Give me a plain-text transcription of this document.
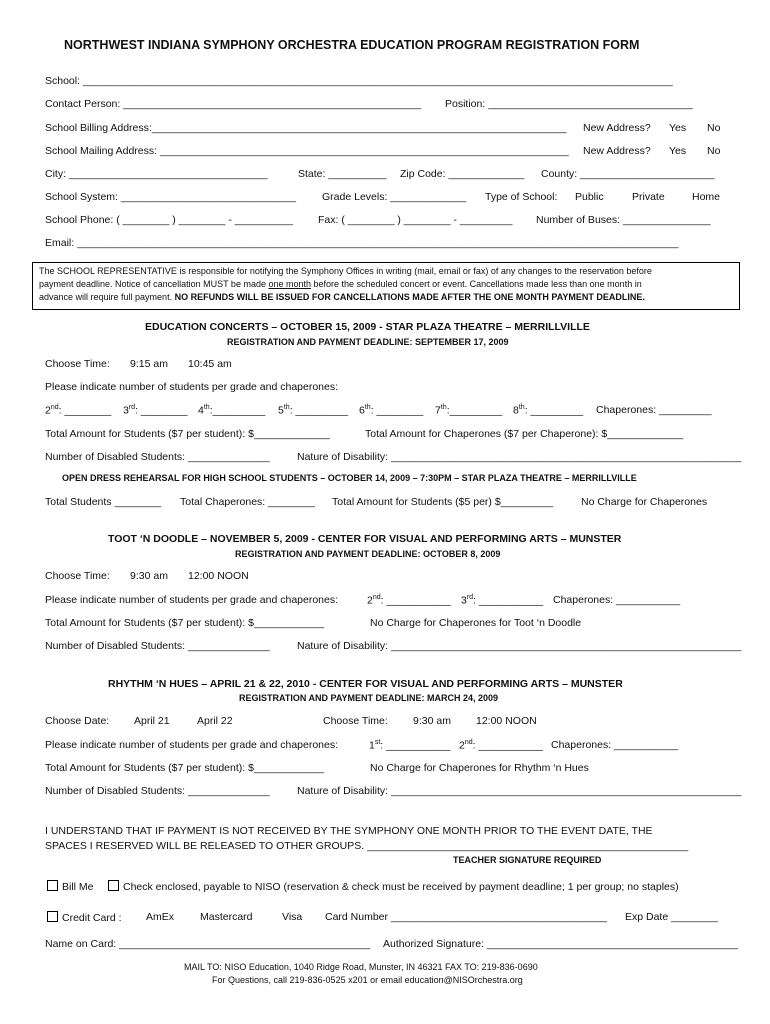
NORTHWEST INDIANA SYMPHONY ORCHESTRA EDUCATION PROGRAM REGISTRATION FORM
School: _____________________________________________________________________________________________________
Contact Person: ___________________________________________________ Position: ___________________________________
School Billing Address:_______________________________________________________________________ New Address? Yes No
School Mailing Address: ______________________________________________________________________ New Address? Yes No
City: __________________________________	State: __________ Zip Code: _____________ County: _______________________
School System: ______________________________ Grade Levels: _____________ Type of School: Public	Private	Home
School Phone: ( ________ ) ________ - __________ Fax: ( ________ ) ________ - _________ Number of Buses: _______________
Email: _______________________________________________________________________________________________________
The SCHOOL REPRESENTATIVE is responsible for notifying the Symphony Offices in writing (mail, email or fax) of any changes to the reservation before
payment deadline. Notice of cancellation MUST be made one month before the scheduled concert or event. Cancellations made less than one month in
advance will require full payment. NO REFUNDS WILL BE ISSUED FOR CANCELLATIONS MADE AFTER THE ONE MONTH PAYMENT DEADLINE.
EDUCATION CONCERTS – OCTOBER 15, 2009 - STAR PLAZA THEATRE – MERRILLVILLE
REGISTRATION AND PAYMENT DEADLINE: SEPTEMBER 17, 2009
Choose Time: 9:15 am 10:45 am
Please indicate number of students per grade and chaperones:
2nd: ________ 3rd: ________ 4th:_________ 5th: _________ 6th: ________ 7th:_________ 8th: _________ Chaperones: _________
Total Amount for Students ($7 per student): $_____________	Total Amount for Chaperones ($7 per Chaperone): $_____________
Number of Disabled Students: ______________	Nature of Disability: ____________________________________________________________
OPEN DRESS REHEARSAL FOR HIGH SCHOOL STUDENTS – OCTOBER 14, 2009 – 7:30PM – STAR PLAZA THEATRE – MERRILLVILLE
Total Students ________ Total Chaperones: ________ Total Amount for Students ($5 per) $_________	No Charge for Chaperones
TOOT ‘N DOODLE – NOVEMBER 5, 2009 - CENTER FOR VISUAL AND PERFORMING ARTS – MUNSTER
REGISTRATION AND PAYMENT DEADLINE: OCTOBER 8, 2009
Choose Time: 9:30 am 12:00 NOON
Please indicate number of students per grade and chaperones:	2nd: ___________ 3rd: ___________ Chaperones: ___________
Total Amount for Students ($7 per student): $____________	No Charge for Chaperones for Toot ‘n Doodle
Number of Disabled Students: ______________	Nature of Disability: ____________________________________________________________
RHYTHM ‘N HUES – APRIL 21 & 22, 2010 - CENTER FOR VISUAL AND PERFORMING ARTS – MUNSTER
REGISTRATION AND PAYMENT DEADLINE: MARCH 24, 2009
Choose Date: April 21	April 22	Choose Time: 9:30 am 12:00 NOON
Please indicate number of students per grade and chaperones:	1st: ___________ 2nd: ___________ Chaperones: ___________
Total Amount for Students ($7 per student): $____________	No Charge for Chaperones for Rhythm ‘n Hues
Number of Disabled Students: ______________	Nature of Disability: ____________________________________________________________
I UNDERSTAND THAT IF PAYMENT IS NOT RECEIVED BY THE SYMPHONY ONE MONTH PRIOR TO THE EVENT DATE, THE
SPACES I RESERVED WILL BE RELEASED TO OTHER GROUPS. _______________________________________________________
TEACHER SIGNATURE REQUIRED
Bill Me	Check enclosed, payable to NISO (reservation & check must be received by payment deadline; 1 per group; no staples)
Credit Card : AmEx Mastercard	Visa Card Number _____________________________________ Exp Date ________
Name on Card: ___________________________________________ Authorized Signature: ___________________________________________
MAIL TO: NISO Education, 1040 Ridge Road, Munster, IN 46321 FAX TO: 219-836-0690
For Questions, call 219-836-0525 x201 or email education@NISOrchestra.org
